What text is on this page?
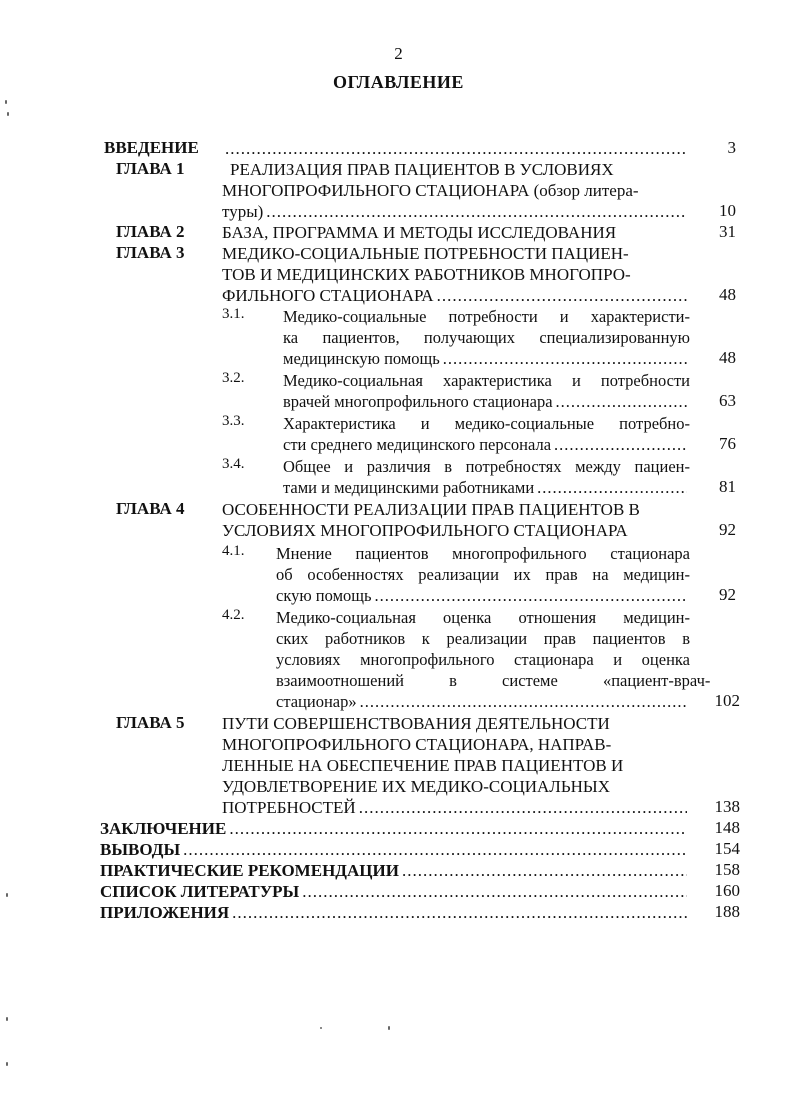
2
ОГЛАВЛЕНИЕ
ВВЕДЕНИЕ .....	3
ГЛАВА 1	РЕАЛИЗАЦИЯ ПРАВ ПАЦИЕНТОВ В УСЛОВИЯХ
МНОГОПРОФИЛЬНОГО СТАЦИОНАРА (обзор литера-
туры) .....	10
ГЛАВА 2 БАЗА, ПРОГРАММА И МЕТОДЫ ИССЛЕДОВАНИЯ	31
ГЛАВА 3 МЕДИКО-СОЦИАЛЬНЫЕ ПОТРЕБНОСТИ ПАЦИЕН-
ТОВ И МЕДИЦИНСКИХ РАБОТНИКОВ МНОГОПРО-
ФИЛЬНОГО СТАЦИОНАРА .....	48
3.1. Медико-социальные потребности и характеристи-
ка пациентов, получающих специализированную
медицинскую помощь .....	48
3.2. Медико-социальная характеристика и потребности
врачей многопрофильного стационара .....	63
3.3. Характеристика и медико-социальные потребно-
сти среднего медицинского персонала .....	76
3.4. Общее и различия в потребностях между пациен-
тами и медицинскими работниками .....	81
ГЛАВА 4 ОСОБЕННОСТИ РЕАЛИЗАЦИИ ПРАВ ПАЦИЕНТОВ В
УСЛОВИЯХ МНОГОПРОФИЛЬНОГО СТАЦИОНАРА	92
4.1. Мнение пациентов многопрофильного стационара
об особенностях реализации их прав на медицин-
скую помощь .....	92
4.2. Медико-социальная оценка отношения медицин-
ских работников к реализации прав пациентов в
условиях многопрофильного стационара и оценка
взаимоотношений в системе «пациент-врач-
стационар» .....	102
ГЛАВА 5 ПУТИ СОВЕРШЕНСТВОВАНИЯ ДЕЯТЕЛЬНОСТИ
МНОГОПРОФИЛЬНОГО СТАЦИОНАРА, НАПРАВ-
ЛЕННЫЕ НА ОБЕСПЕЧЕНИЕ ПРАВ ПАЦИЕНТОВ И
УДОВЛЕТВОРЕНИЕ ИХ МЕДИКО-СОЦИАЛЬНЫХ
ПОТРЕБНОСТЕЙ .....	138
ЗАКЛЮЧЕНИЕ .....	148
ВЫВОДЫ .....	154
ПРАКТИЧЕСКИЕ РЕКОМЕНДАЦИИ .....	158
СПИСОК ЛИТЕРАТУРЫ .....	160
ПРИЛОЖЕНИЯ .....	188
